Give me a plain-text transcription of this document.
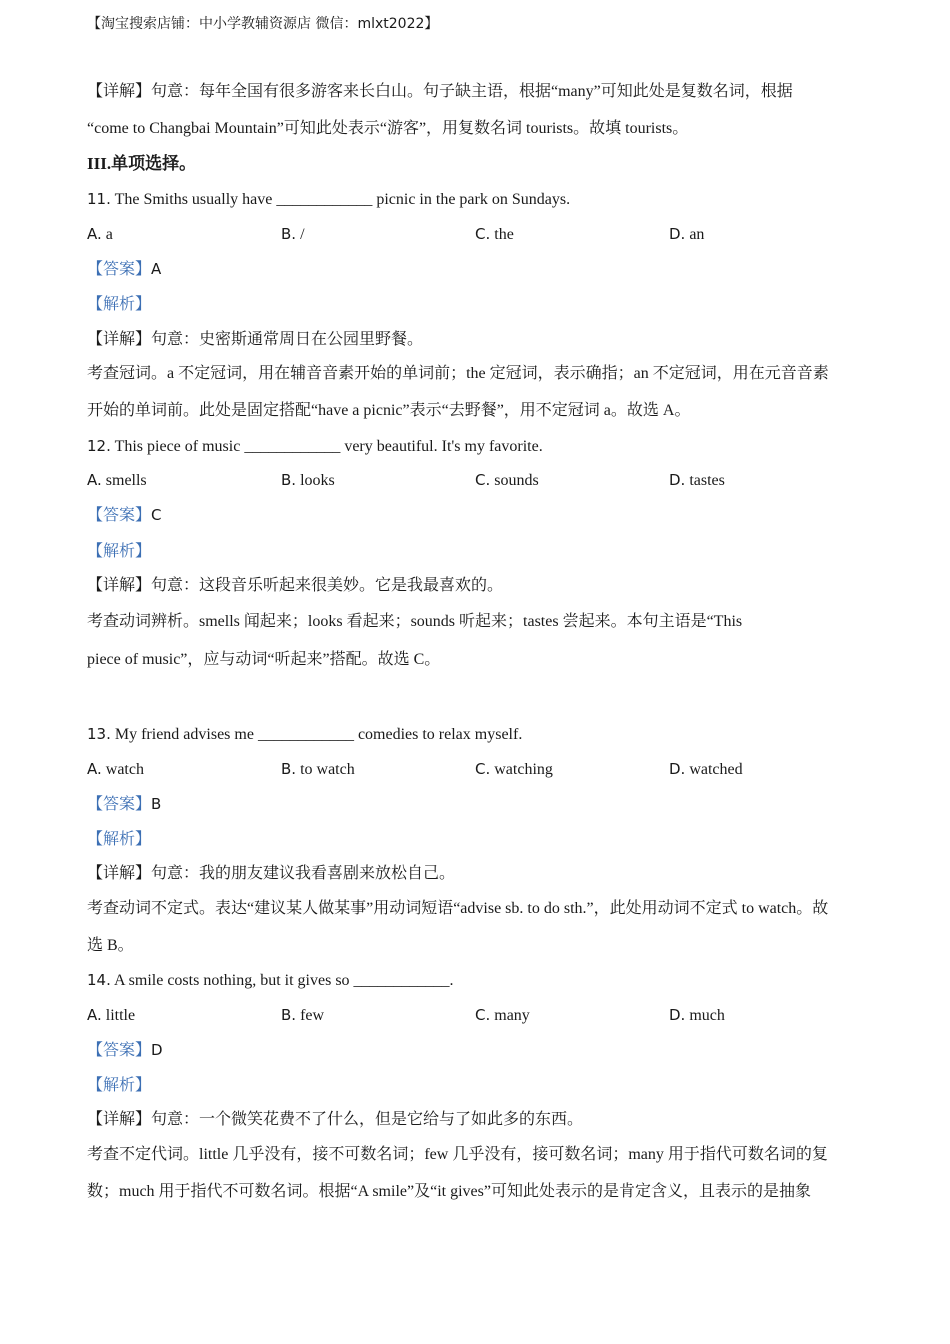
【淘宝搜索店铺：中小学教辅资源店 微信：mlxt2022】
【详解】句意：每年全国有很多游客来长白山。句子缺主语，根据“many”可知此处是复数名词，根据
“come to Changbai Mountain”可知此处表示“游客”，用复数名词 tourists。故填 tourists。
III.单项选择。
11. The Smiths usually have ____________ picnic in the park on Sundays.
A. a	B. /	C. the	D. an
【答案】A
【解析】
【详解】句意：史密斯通常周日在公园里野餐。
考查冠词。a 不定冠词，用在辅音音素开始的单词前；the 定冠词，表示确指；an 不定冠词，用在元音音素
开始的单词前。此处是固定搭配“have a picnic”表示“去野餐”，用不定冠词 a。故选 A。
12. This piece of music ____________ very beautiful. It's my favorite.
A. smells	B. looks	C. sounds	D. tastes
【答案】C
【解析】
【详解】句意：这段音乐听起来很美妙。它是我最喜欢的。
考查动词辨析。smells 闻起来；looks 看起来；sounds 听起来；tastes 尝起来。本句主语是“This
piece of music”，应与动词“听起来”搭配。故选 C。
13. My friend advises me ____________ comedies to relax myself.
A. watch	B. to watch	C. watching	D. watched
【答案】B
【解析】
【详解】句意：我的朋友建议我看喜剧来放松自己。
考查动词不定式。表达“建议某人做某事”用动词短语“advise sb. to do sth.”，此处用动词不定式 to watch。故
选 B。
14. A smile costs nothing, but it gives so ____________.
A. little	B. few	C. many	D. much
【答案】D
【解析】
【详解】句意：一个微笑花费不了什么，但是它给与了如此多的东西。
考查不定代词。little 几乎没有，接不可数名词；few 几乎没有，接可数名词；many 用于指代可数名词的复
数；much 用于指代不可数名词。根据“A smile”及“it gives”可知此处表示的是肯定含义，且表示的是抽象
